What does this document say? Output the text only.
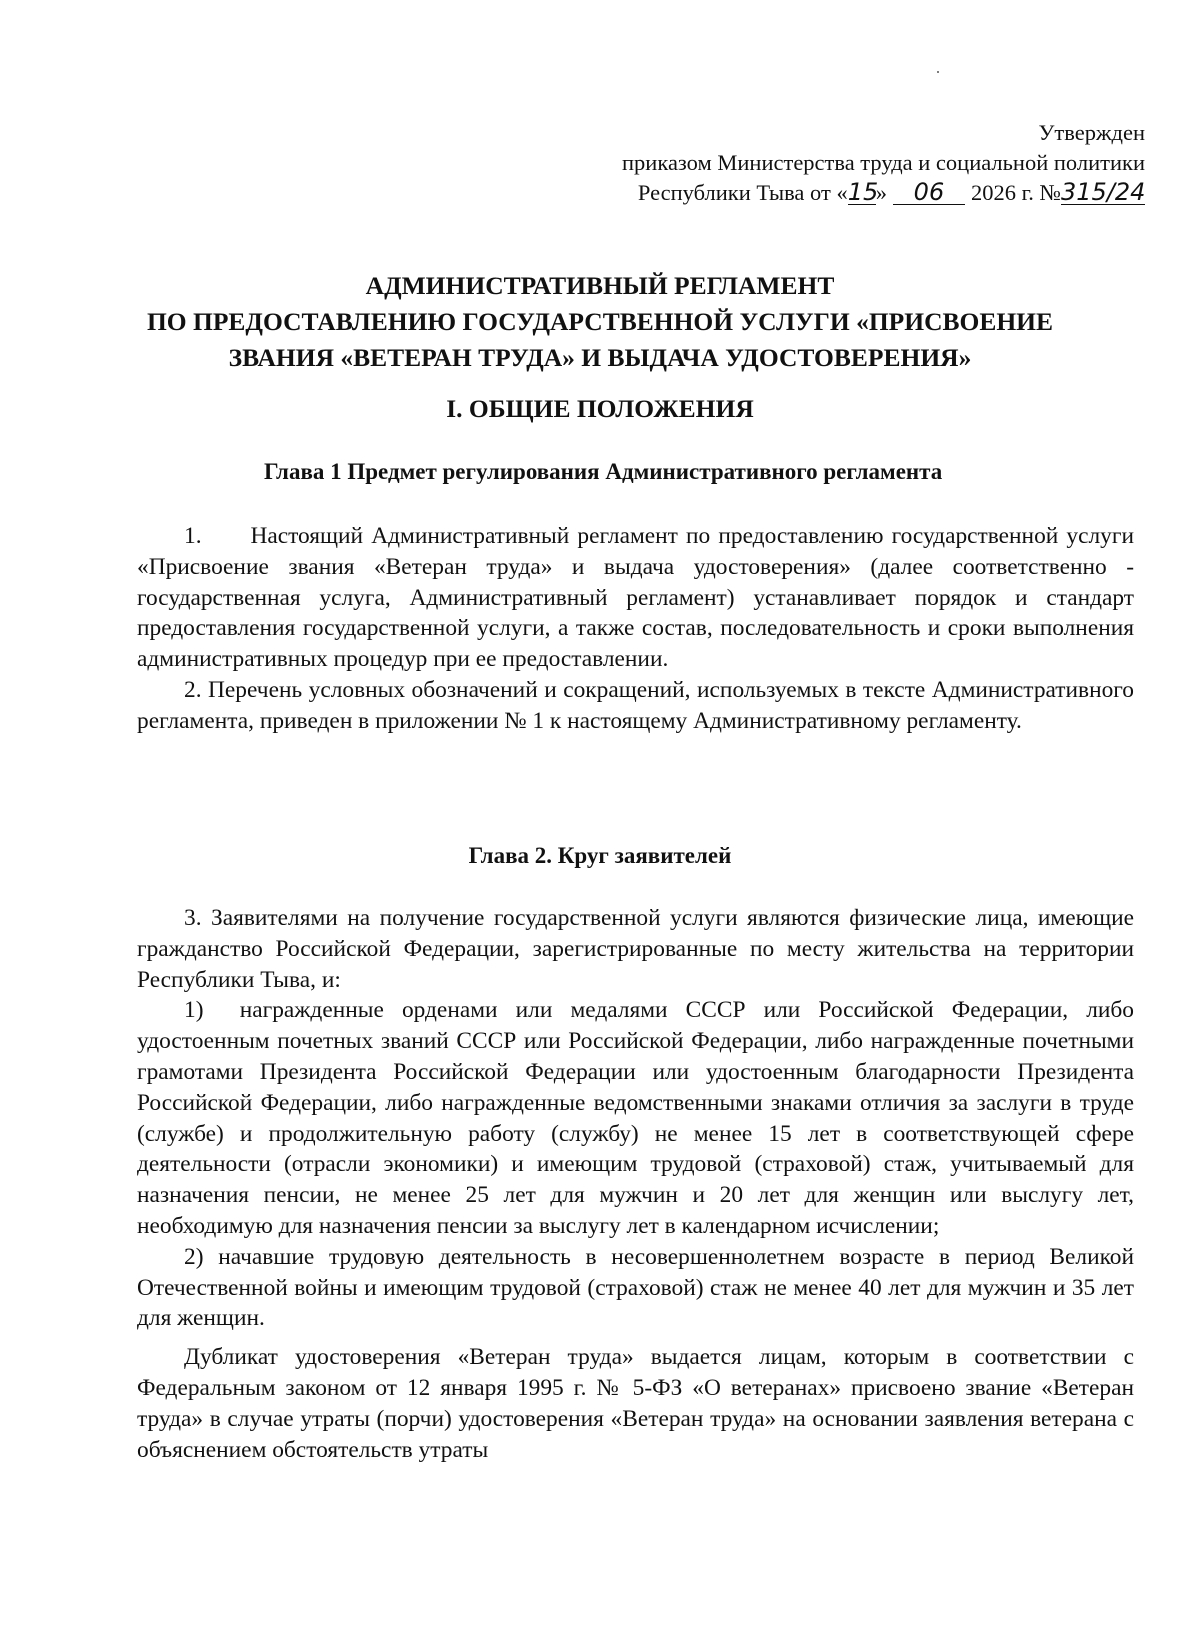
Утвержден
приказом Министерства труда и социальной политики
Республики Тыва от «15» 06 2026 г. №315/24
АДМИНИСТРАТИВНЫЙ РЕГЛАМЕНТ
ПО ПРЕДОСТАВЛЕНИЮ ГОСУДАРСТВЕННОЙ УСЛУГИ «ПРИСВОЕНИЕ
ЗВАНИЯ «ВЕТЕРАН ТРУДА» И ВЫДАЧА УДОСТОВЕРЕНИЯ»
I. ОБЩИЕ ПОЛОЖЕНИЯ
Глава 1 Предмет регулирования Административного регламента

1.      Настоящий Административный регламент по предоставлению государственной услуги «Присвоение звания «Ветеран труда» и выдача удостоверения» (далее соответственно - государственная услуга, Административный регламент) устанавливает порядок и стандарт предоставления государственной услуги, а также состав, последовательность и сроки выполнения административных процедур при ее предоставлении.

2. Перечень условных обозначений и сокращений, используемых в тексте Административного регламента, приведен в приложении № 1 к настоящему Административному регламенту.

Глава 2. Круг заявителей

3. Заявителями на получение государственной услуги являются физические лица, имеющие гражданство Российской Федерации, зарегистрированные по месту жительства на территории Республики Тыва, и:

1)  награжденные орденами или медалями СССР или Российской Федерации, либо удостоенным почетных званий СССР или Российской Федерации, либо награжденные почетными грамотами Президента Российской Федерации или удостоенным благодарности Президента Российской Федерации, либо награжденные ведомственными знаками отличия за заслуги в труде (службе) и продолжительную работу (службу) не менее 15 лет в соответствующей сфере деятельности (отрасли экономики) и имеющим трудовой (страховой) стаж, учитываемый для назначения пенсии, не менее 25 лет для мужчин и 20 лет для женщин или выслугу лет, необходимую для назначения пенсии за выслугу лет в календарном исчислении;

2) начавшие трудовую деятельность в несовершеннолетнем возрасте в период Великой Отечественной войны и имеющим трудовой (страховой) стаж не менее 40 лет для мужчин и 35 лет для женщин.

Дубликат удостоверения «Ветеран труда» выдается лицам, которым в соответствии с Федеральным законом от 12 января 1995 г. № 5-ФЗ «О ветеранах» присвоено звание «Ветеран труда» в случае утраты (порчи) удостоверения «Ветеран труда» на основании заявления ветерана с объяснением обстоятельств утраты
